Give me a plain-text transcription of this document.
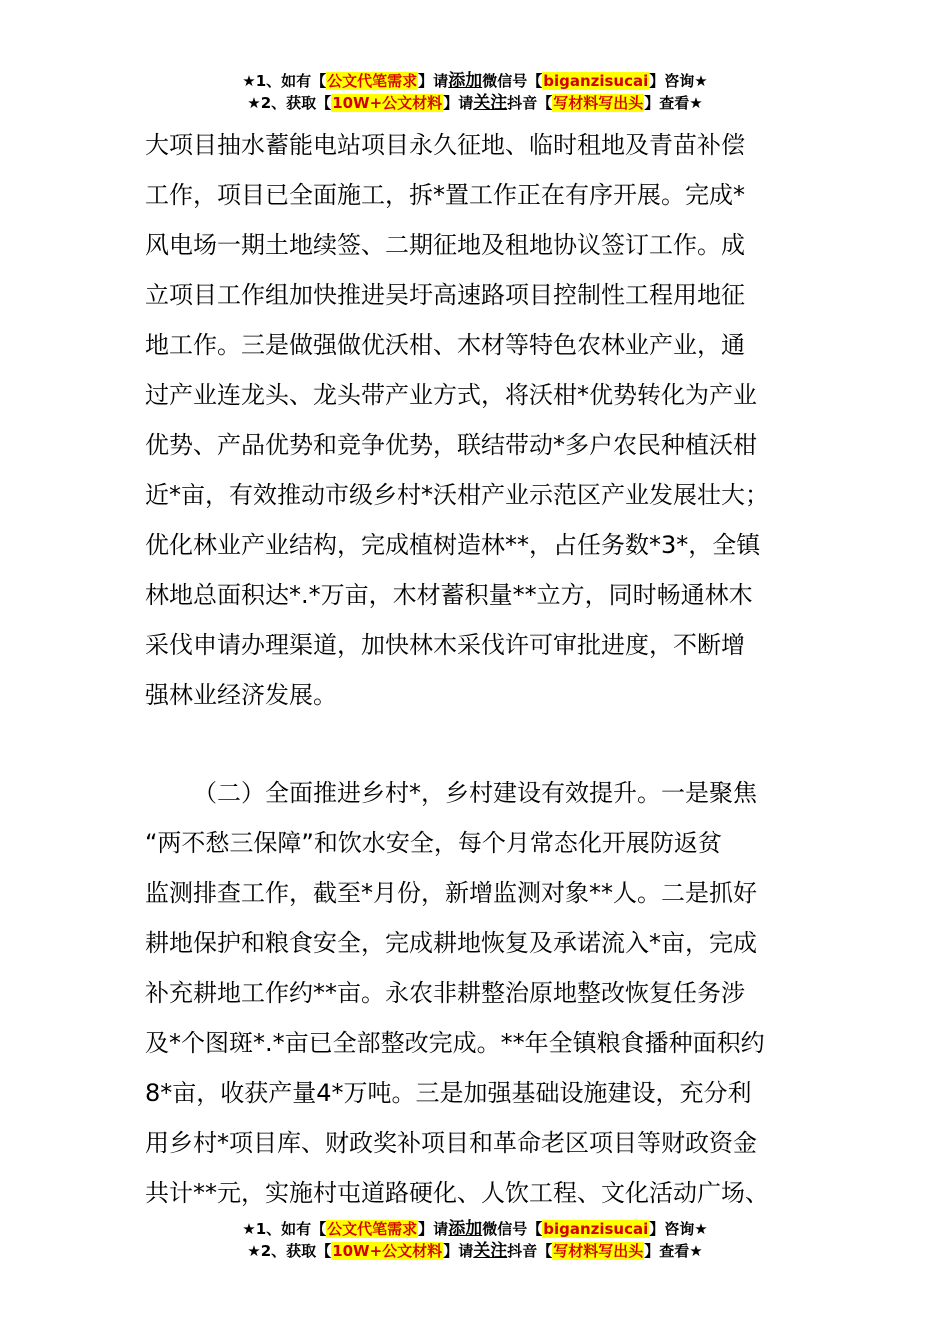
★1、如有【公文代笔需求】请添加微信号【biganzisucai】咨询★
★2、获取【10W+公文材料】请关注抖音【写材料写出头】查看★
大项目抽水蓄能电站项目永久征地、临时租地及青苗补偿
工作，项目已全面施工，拆*置工作正在有序开展。完成*
风电场一期土地续签、二期征地及租地协议签订工作。成
立项目工作组加快推进吴圩高速路项目控制性工程用地征
地工作。三是做强做优沃柑、木材等特色农林业产业，通
过产业连龙头、龙头带产业方式，将沃柑*优势转化为产业
优势、产品优势和竞争优势，联结带动*多户农民种植沃柑
近*亩，有效推动市级乡村*沃柑产业示范区产业发展壮大；
优化林业产业结构，完成植树造林**，占任务数*3*，全镇
林地总面积达*.*万亩，木材蓄积量**立方，同时畅通林木
采伐申请办理渠道，加快林木采伐许可审批进度，不断增
强林业经济发展。
（二）全面推进乡村*，乡村建设有效提升。一是聚焦
“两不愁三保障”和饮水安全，每个月常态化开展防返贫
监测排查工作，截至*月份，新增监测对象**人。二是抓好
耕地保护和粮食安全，完成耕地恢复及承诺流入*亩，完成
补充耕地工作约**亩。永农非耕整治原地整改恢复任务涉
及*个图斑*.*亩已全部整改完成。**年全镇粮食播种面积约
8*亩，收获产量4*万吨。三是加强基础设施建设，充分利
用乡村*项目库、财政奖补项目和革命老区项目等财政资金
共计**元，实施村屯道路硬化、人饮工程、文化活动广场、
★1、如有【公文代笔需求】请添加微信号【biganzisucai】咨询★
★2、获取【10W+公文材料】请关注抖音【写材料写出头】查看★
